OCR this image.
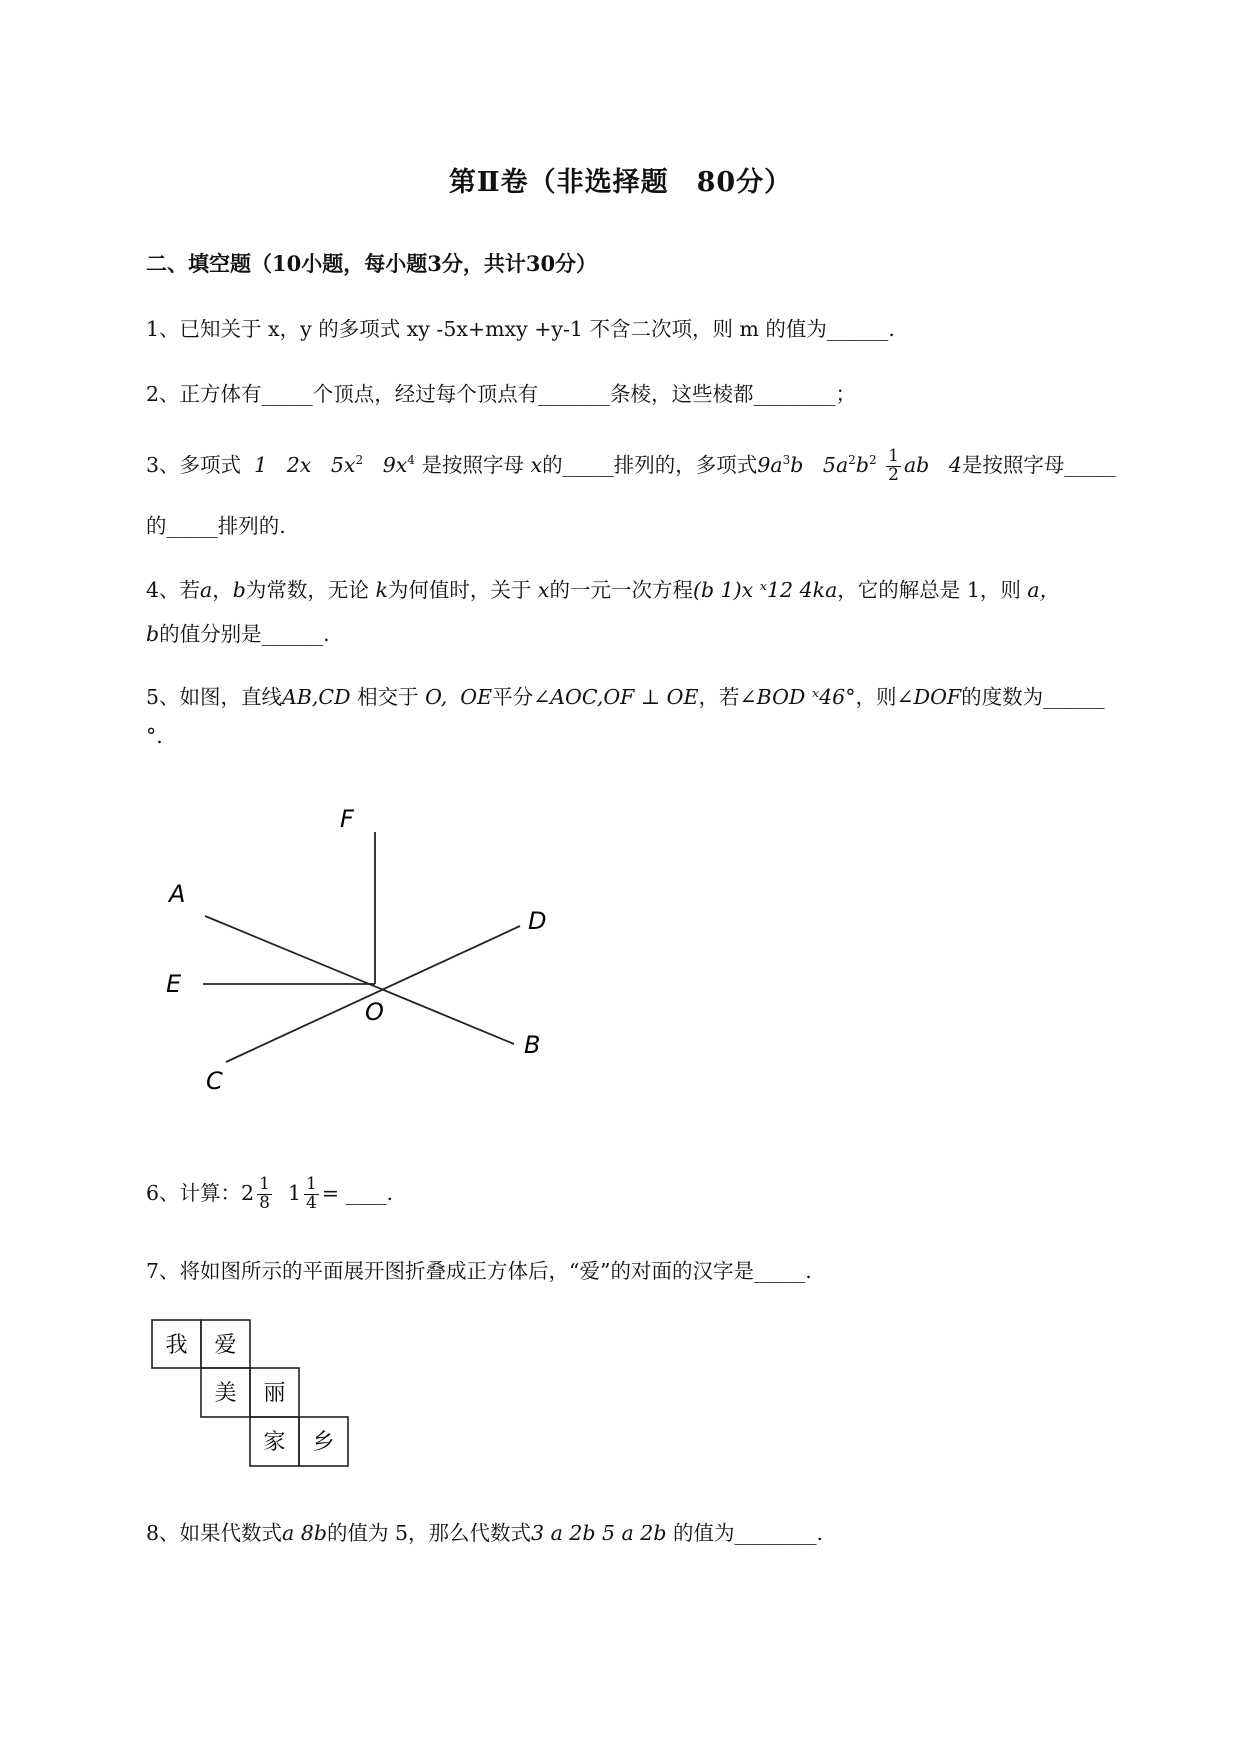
第Ⅱ卷（非选择题　80分）
二、填空题（10小题，每小题3分，共计30分）
1、已知关于 x，y 的多项式 xy -5x+mxy +y-1 不含二次项，则 m 的值为______.
2、正方体有_____个顶点，经过每个顶点有_______条棱，这些棱都________；
3、多项式 1 2x $5x^2$ $9x^4$ 是按照字母 x的_____排列的，多项式$9a^3b$ $5a^2b^2 \frac{1}{2}$ ab 4是按照字母_____
的_____排列的.
4、若a，b为常数，无论 k为何值时，关于 x的一元一次方程(b 1)x ˣ12 4ka，它的解总是 1，则 a，
b的值分别是______.
5、如图，直线AB,CD 相交于 O, OE平分∠AOC,OF ⊥ OE，若∠BOD ˣ46°，则∠DOF的度数为______
°.
F
A
D
E
O
B
C
6、计算：$2 \frac{1}{8} 1 \frac{1}{4}$ = ____.
7、将如图所示的平面展开图折叠成正方体后，“爱”的对面的汉字是_____.
我 爱
美 丽
家 乡
8、如果代数式a 8b的值为 5，那么代数式3 a 2b 5 a 2b 的值为________.
